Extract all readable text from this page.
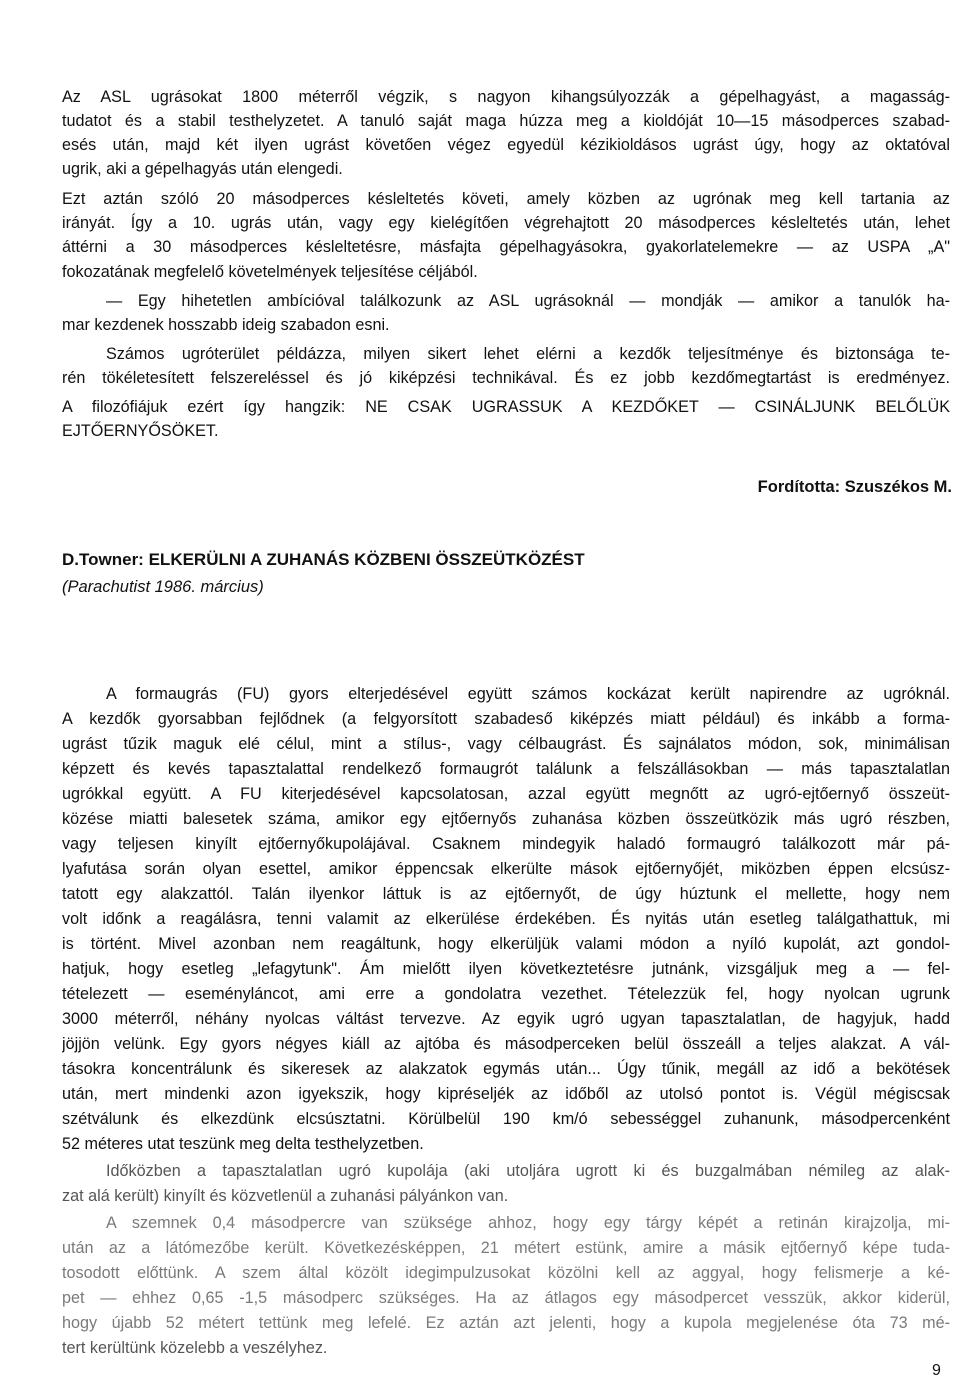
Az ASL ugrásokat 1800 méterről végzik, s nagyon kihangsúlyozzák a gépelhagyást, a magasság-
tudatot és a stabil testhelyzetet. A tanuló saját maga húzza meg a kioldóját 10—15 másodperces szabad-
esés után, majd két ilyen ugrást követően végez egyedül kézikioldásos ugrást úgy, hogy az oktatóval
ugrik, aki a gépelhagyás után elengedi.
Ezt aztán szóló 20 másodperces késleltetés követi, amely közben az ugrónak meg kell tartania az
irányát. Így a 10. ugrás után, vagy egy kielégítően végrehajtott 20 másodperces késleltetés után, lehet
áttérni a 30 másodperces késleltetésre, másfajta gépelhagyásokra, gyakorlatelemekre — az USPA „A"
fokozatának megfelelő követelmények teljesítése céljából.
— Egy hihetetlen ambícióval találkozunk az ASL ugrásoknál — mondják — amikor a tanulók ha-
mar kezdenek hosszabb ideig szabadon esni.
Számos ugróterület példázza, milyen sikert lehet elérni a kezdők teljesítménye és biztonsága te-
rén tökéletesített felszereléssel és jó kiképzési technikával. És ez jobb kezdőmegtartást is eredményez.
A filozófiájuk ezért így hangzik: NE CSAK UGRASSUK A KEZDŐKET — CSINÁLJUNK BELŐLÜK
EJTŐERNYŐSÖKET.
Fordította: Szuszékos M.
D.Towner: ELKERÜLNI A ZUHANÁS KÖZBENI ÖSSZEÜTKÖZÉST
(Parachutist 1986. március)
A formaugrás (FU) gyors elterjedésével együtt számos kockázat került napirendre az ugróknál.
A kezdők gyorsabban fejlődnek (a felgyorsított szabadeső kiképzés miatt például) és inkább a forma-
ugrást tűzik maguk elé célul, mint a stílus-, vagy célbaugrást. És sajnálatos módon, sok, minimálisan
képzett és kevés tapasztalattal rendelkező formaugrót találunk a felszállásokban — más tapasztalatlan
ugrókkal együtt. A FU kiterjedésével kapcsolatosan, azzal együtt megnőtt az ugró-ejtőernyő összeüt-
közése miatti balesetek száma, amikor egy ejtőernyős zuhanása közben összeütközik más ugró részben,
vagy teljesen kinyílt ejtőernyőkupolájával. Csaknem mindegyik haladó formaugró találkozott már pá-
lyafutása során olyan esettel, amikor éppencsak elkerülte mások ejtőernyőjét, miközben éppen elcsúsz-
tatott egy alakzattól. Talán ilyenkor láttuk is az ejtőernyőt, de úgy húztunk el mellette, hogy nem
volt időnk a reagálásra, tenni valamit az elkerülése érdekében. És nyitás után esetleg találgathattuk, mi
is történt. Mivel azonban nem reagáltunk, hogy elkerüljük valami módon a nyíló kupolát, azt gondol-
hatjuk, hogy esetleg „lefagytunk". Ám mielőtt ilyen következtetésre jutnánk, vizsgáljuk meg a — fel-
tételezett — eseményláncot, ami erre a gondolatra vezethet. Tételezzük fel, hogy nyolcan ugrunk
3000 méterről, néhány nyolcas váltást tervezve. Az egyik ugró ugyan tapasztalatlan, de hagyjuk, hadd
jöjjön velünk. Egy gyors négyes kiáll az ajtóba és másodperceken belül összeáll a teljes alakzat. A vál-
tásokra koncentrálunk és sikeresek az alakzatok egymás után... Úgy tűnik, megáll az idő a bekötések
után, mert mindenki azon igyekszik, hogy kipréseljék az időből az utolsó pontot is. Végül mégiscsak
szétválunk és elkezdünk elcsúsztatni. Körülbelül 190 km/ó sebességgel zuhanunk, másodpercenként
52 méteres utat teszünk meg delta testhelyzetben.
Időközben a tapasztalatlan ugró kupolája (aki utoljára ugrott ki és buzgalmában némileg az alak-
zat alá került) kinyílt és közvetlenül a zuhanási pályánkon van.
A szemnek 0,4 másodpercre van szüksége ahhoz, hogy egy tárgy képét a retinán kirajzolja, mi-
után az a látómezőbe került. Következésképpen, 21 métert estünk, amire a másik ejtőernyő képe tuda-
tosodott előttünk. A szem által közölt idegimpulzusokat közölni kell az aggyal, hogy felismerje a ké-
pet — ehhez 0,65 -1,5 másodperc szükséges. Ha az átlagos egy másodpercet vesszük, akkor kiderül,
hogy újabb 52 métert tettünk meg lefelé. Ez aztán azt jelenti, hogy a kupola megjelenése óta 73 mé-
tert kerültünk közelebb a veszélyhez.
9
